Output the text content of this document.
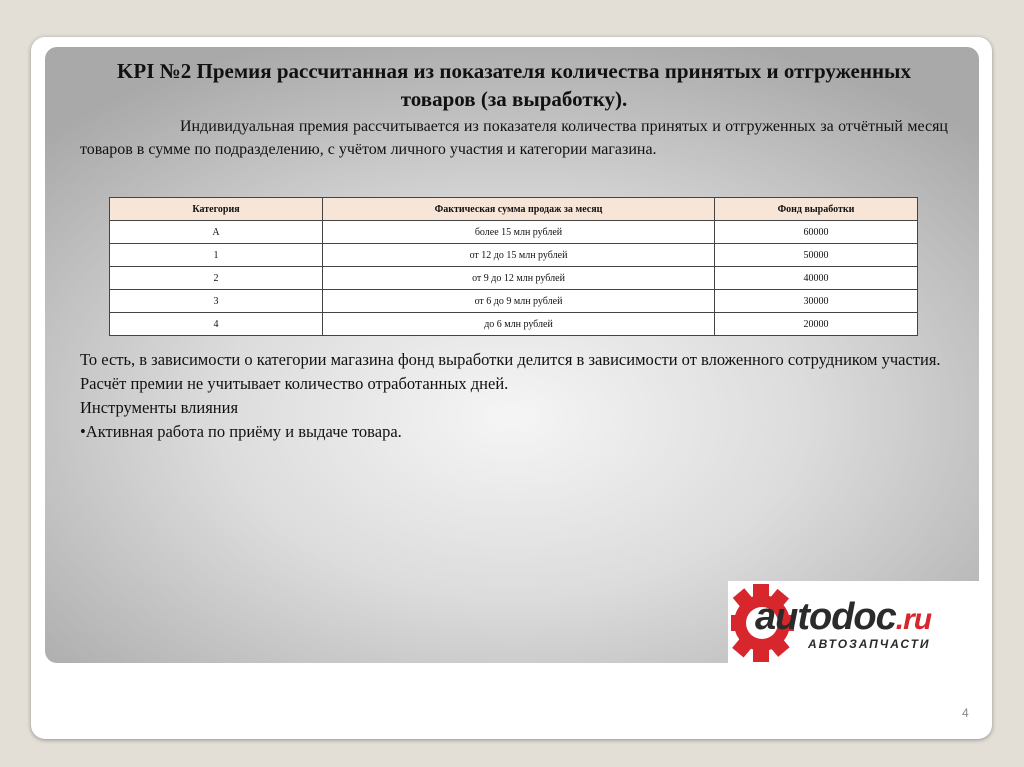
KPI №2 Премия рассчитанная из показателя количества принятых и отгруженных товаров (за выработку).
Индивидуальная премия рассчитывается из показателя количества принятых и отгруженных за отчётный месяц товаров в сумме по подразделению, с учётом личного участия и категории магазина.
Категория	Фактическая сумма продаж за месяц	Фонд выработки
A	более 15 млн рублей	60000
1	от 12 до 15 млн рублей	50000
2	от 9 до 12 млн рублей	40000
3	от 6 до 9 млн рублей	30000
4	до 6 млн рублей	20000

То есть, в зависимости о категории магазина фонд выработки делится в зависимости от вложенного сотрудником участия.

Расчёт премии не учитывает количество отработанных дней.

Инструменты влияния

•Активная работа по приёму и выдаче товара.

autodoc.ru
АВТОЗАПЧАСТИ
4
